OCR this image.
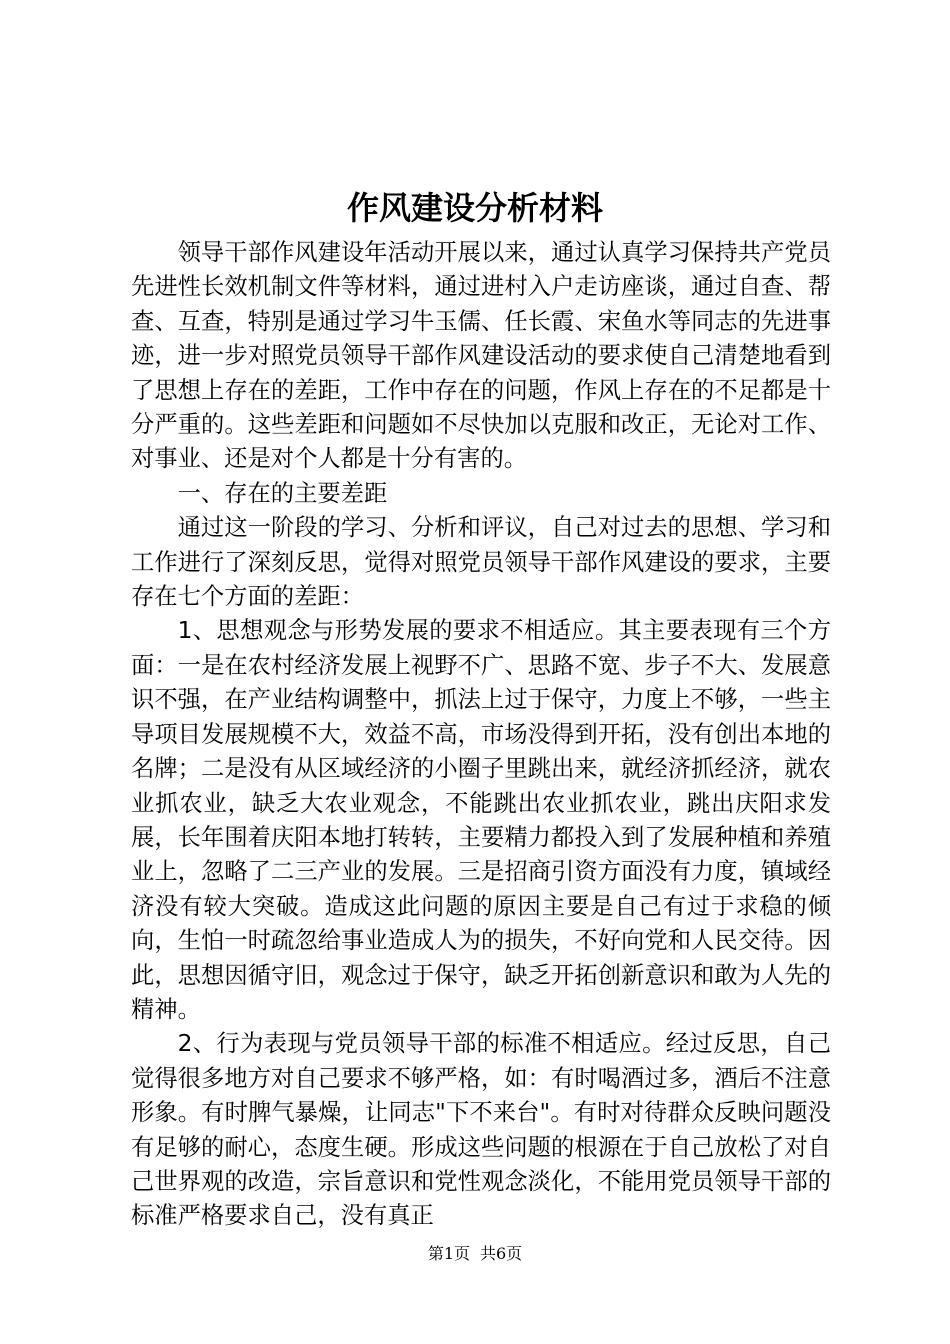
作风建设分析材料

领导干部作风建设年活动开展以来，通过认真学习保持共产党员先进性长效机制文件等材料，通过进村入户走访座谈，通过自查、帮查、互查，特别是通过学习牛玉儒、任长霞、宋鱼水等同志的先进事迹，进一步对照党员领导干部作风建设活动的要求使自己清楚地看到了思想上存在的差距，工作中存在的问题，作风上存在的不足都是十分严重的。这些差距和问题如不尽快加以克服和改正，无论对工作、对事业、还是对个人都是十分有害的。

一、存在的主要差距

通过这一阶段的学习、分析和评议，自己对过去的思想、学习和工作进行了深刻反思，觉得对照党员领导干部作风建设的要求，主要存在七个方面的差距：

1、思想观念与形势发展的要求不相适应。其主要表现有三个方面：一是在农村经济发展上视野不广、思路不宽、步子不大、发展意识不强，在产业结构调整中，抓法上过于保守，力度上不够，一些主导项目发展规模不大，效益不高，市场没得到开拓，没有创出本地的名牌；二是没有从区域经济的小圈子里跳出来，就经济抓经济，就农业抓农业，缺乏大农业观念，不能跳出农业抓农业，跳出庆阳求发展，长年围着庆阳本地打转转，主要精力都投入到了发展种植和养殖业上，忽略了二三产业的发展。三是招商引资方面没有力度，镇域经济没有较大突破。造成这此问题的原因主要是自己有过于求稳的倾向，生怕一时疏忽给事业造成人为的损失，不好向党和人民交待。因此，思想因循守旧，观念过于保守，缺乏开拓创新意识和敢为人先的精神。

2、行为表现与党员领导干部的标准不相适应。经过反思，自己觉得很多地方对自己要求不够严格，如：有时喝酒过多，酒后不注意形象。有时脾气暴燥，让同志"下不来台"。有时对待群众反映问题没有足够的耐心，态度生硬。形成这些问题的根源在于自己放松了对自己世界观的改造，宗旨意识和党性观念淡化，不能用党员领导干部的标准严格要求自己，没有真正

第1页 共6页
